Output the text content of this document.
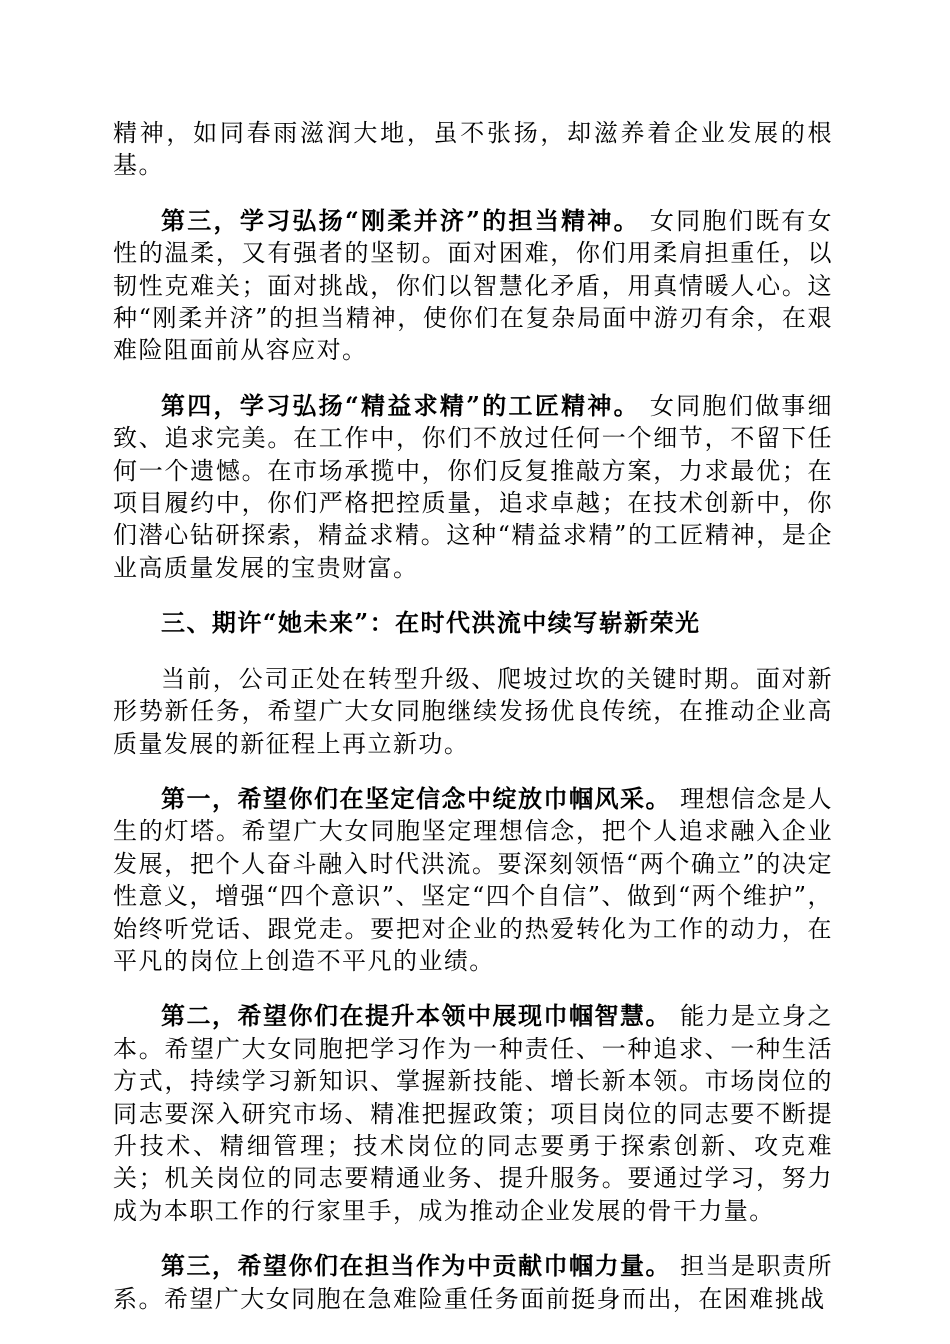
精神，如同春雨滋润大地，虽不张扬，却滋养着企业发展的根基。

第三，学习弘扬“刚柔并济”的担当精神。 女同胞们既有女性的温柔，又有强者的坚韧。面对困难，你们用柔肩担重任，以韧性克难关；面对挑战，你们以智慧化矛盾，用真情暖人心。这种“刚柔并济”的担当精神，使你们在复杂局面中游刃有余，在艰难险阻面前从容应对。

第四，学习弘扬“精益求精”的工匠精神。 女同胞们做事细致、追求完美。在工作中，你们不放过任何一个细节，不留下任何一个遗憾。在市场承揽中，你们反复推敲方案，力求最优；在项目履约中，你们严格把控质量，追求卓越；在技术创新中，你们潜心钻研探索，精益求精。这种“精益求精”的工匠精神，是企业高质量发展的宝贵财富。

三、期许“她未来”：在时代洪流中续写崭新荣光

当前，公司正处在转型升级、爬坡过坎的关键时期。面对新形势新任务，希望广大女同胞继续发扬优良传统，在推动企业高质量发展的新征程上再立新功。

第一，希望你们在坚定信念中绽放巾帼风采。 理想信念是人生的灯塔。希望广大女同胞坚定理想信念，把个人追求融入企业发展，把个人奋斗融入时代洪流。要深刻领悟“两个确立”的决定性意义，增强“四个意识”、坚定“四个自信”、做到“两个维护”，始终听党话、跟党走。要把对企业的热爱转化为工作的动力，在平凡的岗位上创造不平凡的业绩。

第二，希望你们在提升本领中展现巾帼智慧。 能力是立身之本。希望广大女同胞把学习作为一种责任、一种追求、一种生活方式，持续学习新知识、掌握新技能、增长新本领。市场岗位的同志要深入研究市场、精准把握政策；项目岗位的同志要不断提升技术、精细管理；技术岗位的同志要勇于探索创新、攻克难关；机关岗位的同志要精通业务、提升服务。要通过学习，努力成为本职工作的行家里手，成为推动企业发展的骨干力量。

第三，希望你们在担当作为中贡献巾帼力量。 担当是职责所系。希望广大女同胞在急难险重任务面前挺身而出，在困难挑战
